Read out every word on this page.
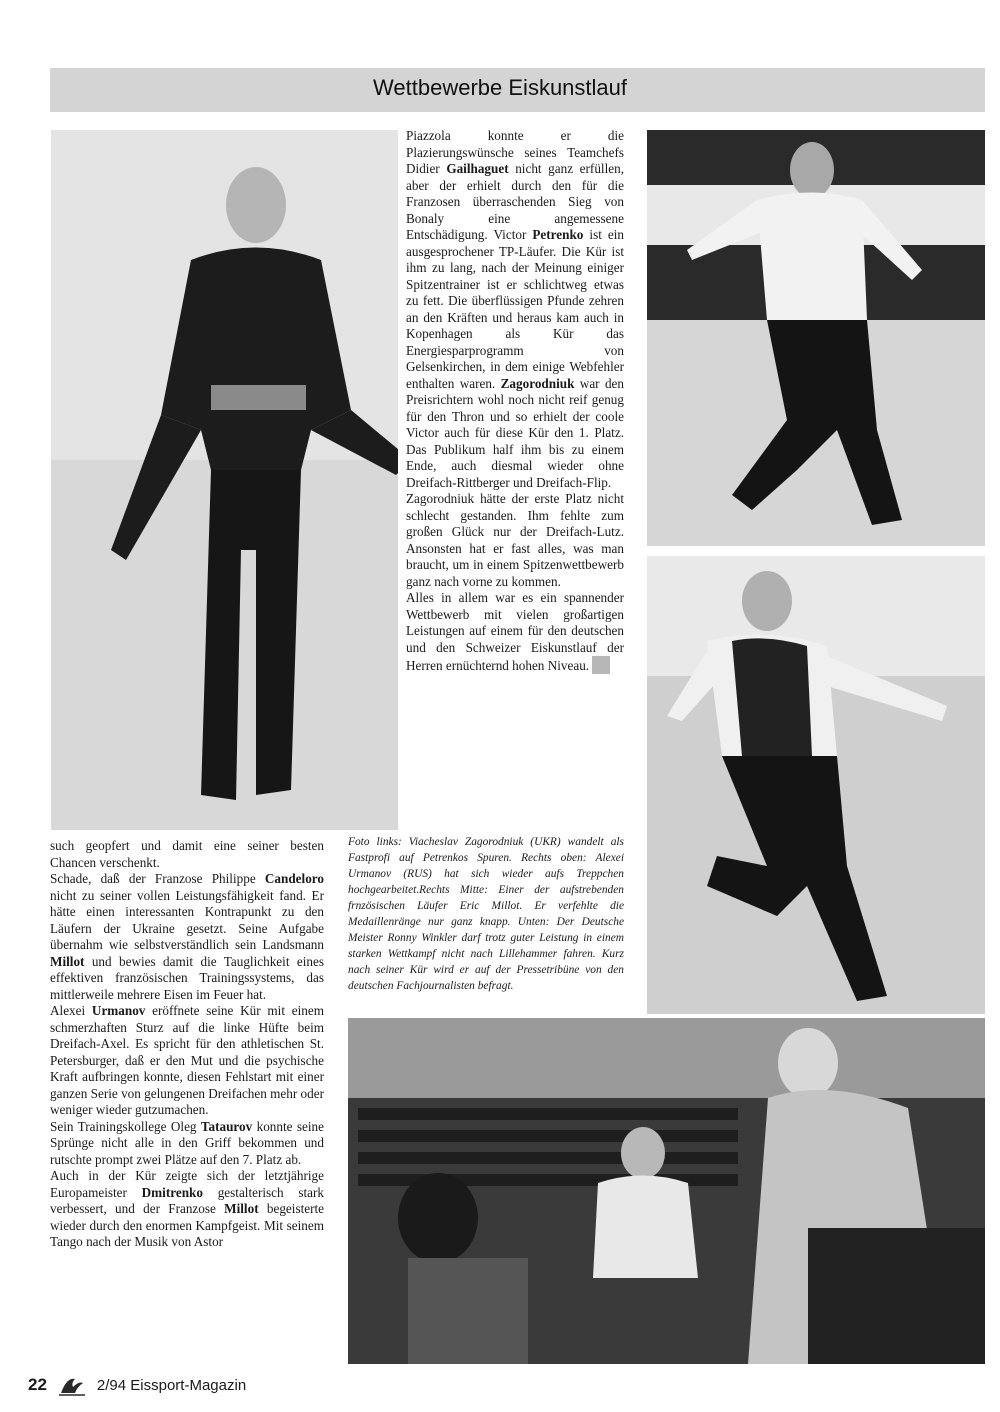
Wettbewerbe Eiskunstlauf

Piazzola konnte er die Plazierungswünsche seines Teamchefs Didier Gailhaguet nicht ganz erfüllen, aber der erhielt durch den für die Franzosen überraschenden Sieg von Bonaly eine angemessene Entschädigung. Victor Petrenko ist ein ausgesprochener TP-Läufer. Die Kür ist ihm zu lang, nach der Meinung einiger Spitzentrainer ist er schlichtweg etwas zu fett. Die überflüssigen Pfunde zehren an den Kräften und heraus kam auch in Kopenhagen als Kür das Energiesparprogramm von Gelsenkirchen, in dem einige Webfehler enthalten waren. Zagorodniuk war den Preisrichtern wohl noch nicht reif genug für den Thron und so erhielt der coole Victor auch für diese Kür den 1. Platz. Das Publikum half ihm bis zu einem Ende, auch diesmal wieder ohne Dreifach-Rittberger und Dreifach-Flip.

Zagorodniuk hätte der erste Platz nicht schlecht gestanden. Ihm fehlte zum großen Glück nur der Dreifach-Lutz. Ansonsten hat er fast alles, was man braucht, um in einem Spitzenwettbewerb ganz nach vorne zu kommen.

Alles in allem war es ein spannender Wettbewerb mit vielen großartigen Leistungen auf einem für den deutschen und den Schweizer Eiskunstlauf der Herren ernüchternd hohen Niveau.

such geopfert und damit eine seiner besten Chancen verschenkt.

Schade, daß der Franzose Philippe Candeloro nicht zu seiner vollen Leistungsfähigkeit fand. Er hätte einen interessanten Kontrapunkt zu den Läufern der Ukraine gesetzt. Seine Aufgabe übernahm wie selbstverständlich sein Landsmann Millot und bewies damit die Tauglichkeit eines effektiven französischen Trainingssystems, das mittlerweile mehrere Eisen im Feuer hat.

Alexei Urmanov eröffnete seine Kür mit einem schmerzhaften Sturz auf die linke Hüfte beim Dreifach-Axel. Es spricht für den athletischen St. Petersburger, daß er den Mut und die psychische Kraft aufbringen konnte, diesen Fehlstart mit einer ganzen Serie von gelungenen Dreifachen mehr oder weniger wieder gutzumachen.

Sein Trainingskollege Oleg Tataurov konnte seine Sprünge nicht alle in den Griff bekommen und rutschte prompt zwei Plätze auf den 7. Platz ab.

Auch in der Kür zeigte sich der letztjährige Europameister Dmitrenko gestalterisch stark verbessert, und der Franzose Millot begeisterte wieder durch den enormen Kampfgeist. Mit seinem Tango nach der Musik von Astor

Foto links: Viacheslav Zagorodniuk (UKR) wandelt als Fastprofi auf Petrenkos Spuren. Rechts oben: Alexei Urmanov (RUS) hat sich wieder aufs Treppchen hochgearbeitet.Rechts Mitte: Einer der aufstrebenden frnzösischen Läufer Eric Millot. Er verfehlte die Medaillenränge nur ganz knapp. Unten: Der Deutsche Meister Ronny Winkler darf trotz guter Leistung in einem starken Wettkampf nicht nach Lillehammer fahren. Kurz nach seiner Kür wird er auf der Pressetribüne von den deutschen Fachjournalisten befragt.
22	2/94 Eissport-Magazin
